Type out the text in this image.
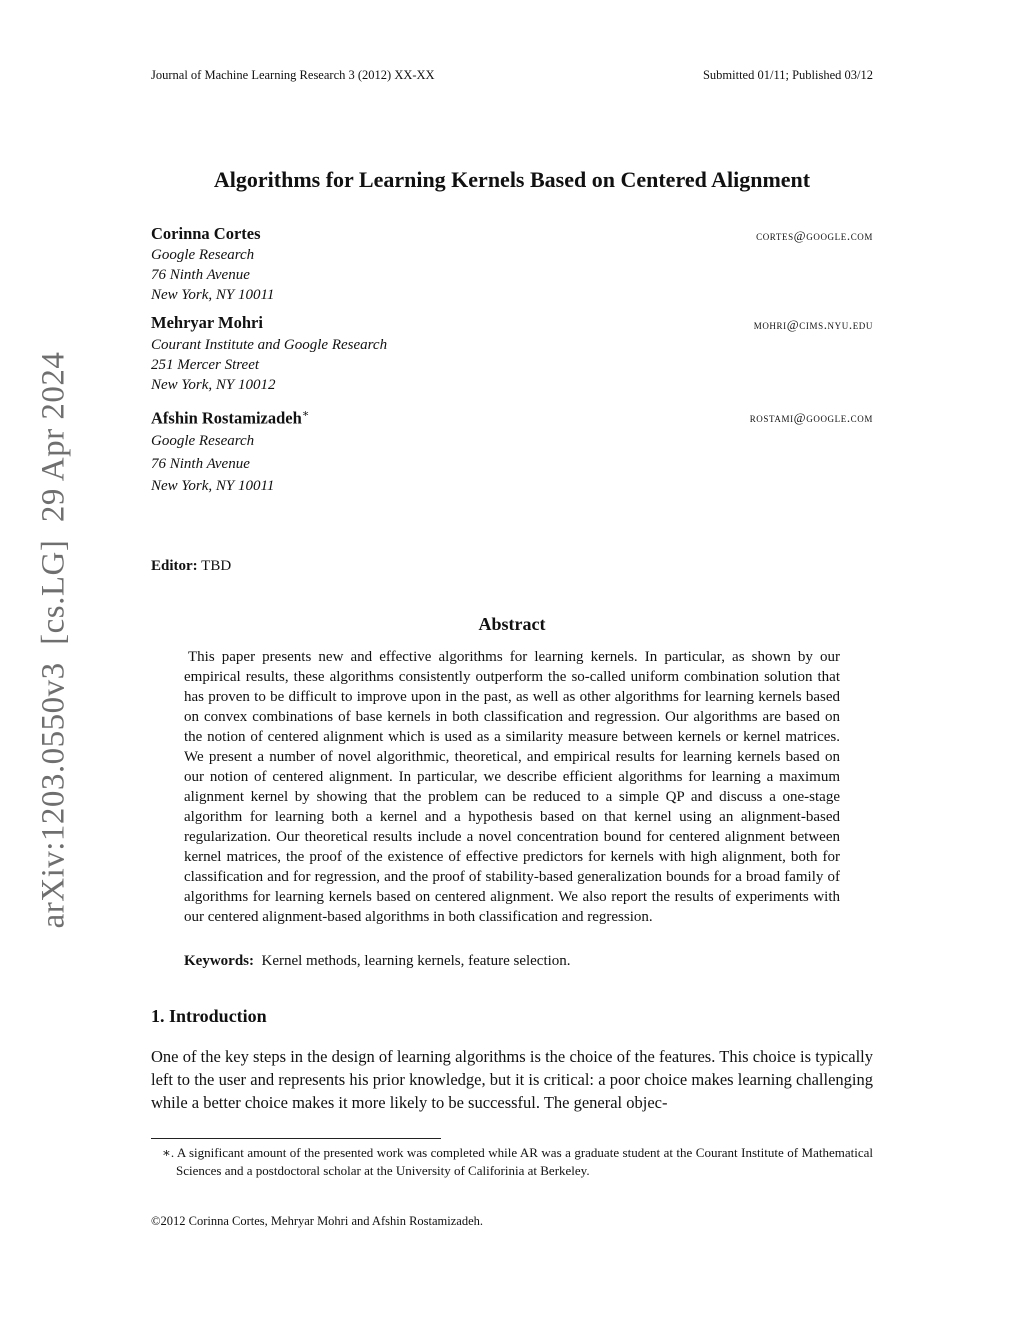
Journal of Machine Learning Research 3 (2012) XX-XX	Submitted 01/11; Published 03/12
Algorithms for Learning Kernels Based on Centered Alignment
Corinna Cortes	cortes@google.com
Google Research
76 Ninth Avenue
New York, NY 10011
Mehryar Mohri	mohri@cims.nyu.edu
Courant Institute and Google Research
251 Mercer Street
New York, NY 10012
Afshin Rostamizadeh∗	rostami@google.com
Google Research
76 Ninth Avenue
New York, NY 10011
Editor: TBD
Abstract

This paper presents new and effective algorithms for learning kernels. In particular, as shown by our empirical results, these algorithms consistently outperform the so-called uniform combination solution that has proven to be difficult to improve upon in the past, as well as other algorithms for learning kernels based on convex combinations of base kernels in both classification and regression. Our algorithms are based on the notion of centered alignment which is used as a similarity measure between kernels or kernel matrices. We present a number of novel algorithmic, theoretical, and empirical results for learning kernels based on our notion of centered alignment. In particular, we describe efficient algorithms for learning a maximum alignment kernel by showing that the problem can be reduced to a simple QP and discuss a one-stage algorithm for learning both a kernel and a hypothesis based on that kernel using an alignment-based regularization. Our theoretical results include a novel concentration bound for centered alignment between kernel matrices, the proof of the existence of effective predictors for kernels with high alignment, both for classification and for regression, and the proof of stability-based generalization bounds for a broad family of algorithms for learning kernels based on centered alignment. We also report the results of experiments with our centered alignment-based algorithms in both classification and regression.

Keywords: Kernel methods, learning kernels, feature selection.
1. Introduction

One of the key steps in the design of learning algorithms is the choice of the features. This choice is typically left to the user and represents his prior knowledge, but it is critical: a poor choice makes learning challenging while a better choice makes it more likely to be successful. The general objec-

∗. A significant amount of the presented work was completed while AR was a graduate student at the Courant Institute of Mathematical Sciences and a postdoctoral scholar at the University of Califorinia at Berkeley.

©2012 Corinna Cortes, Mehryar Mohri and Afshin Rostamizadeh.
arXiv:1203.0550v3  [cs.LG]  29 Apr 2024
